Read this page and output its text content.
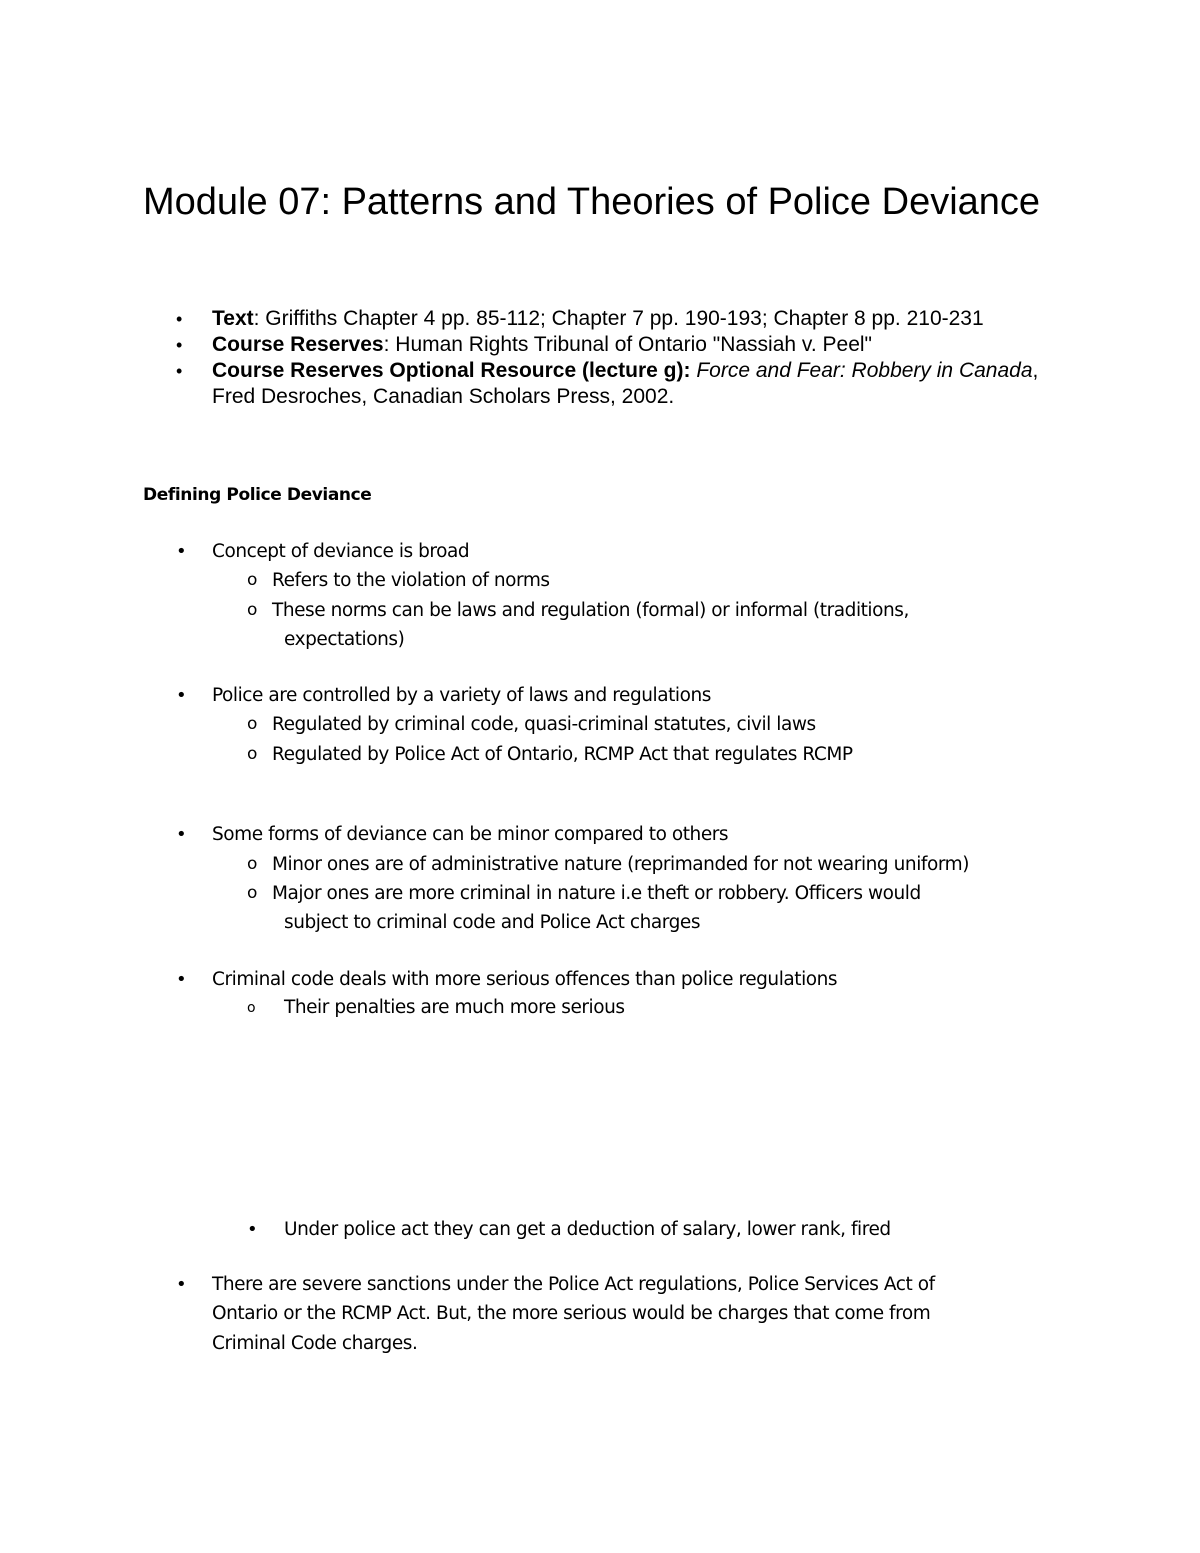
Module 07: Patterns and Theories of Police Deviance
• Text: Griffiths Chapter 4 pp. 85-112; Chapter 7 pp. 190-193; Chapter 8 pp. 210-231
• Course Reserves: Human Rights Tribunal of Ontario "Nassiah v. Peel"
• Course Reserves Optional Resource (lecture g): Force and Fear: Robbery in Canada, Fred Desroches, Canadian Scholars Press, 2002.
Defining Police Deviance
• Concept of deviance is broad
o Refers to the violation of norms
o These norms can be laws and regulation (formal) or informal (traditions,
expectations)
• Police are controlled by a variety of laws and regulations
o Regulated by criminal code, quasi-criminal statutes, civil laws
o Regulated by Police Act of Ontario, RCMP Act that regulates RCMP
• Some forms of deviance can be minor compared to others
o Minor ones are of administrative nature (reprimanded for not wearing uniform)
o Major ones are more criminal in nature i.e theft or robbery. Officers would
subject to criminal code and Police Act charges
• Criminal code deals with more serious offences than police regulations
o Their penalties are much more serious
• Under police act they can get a deduction of salary, lower rank, fired
• There are severe sanctions under the Police Act regulations, Police Services Act of
Ontario or the RCMP Act. But, the more serious would be charges that come from
Criminal Code charges.
